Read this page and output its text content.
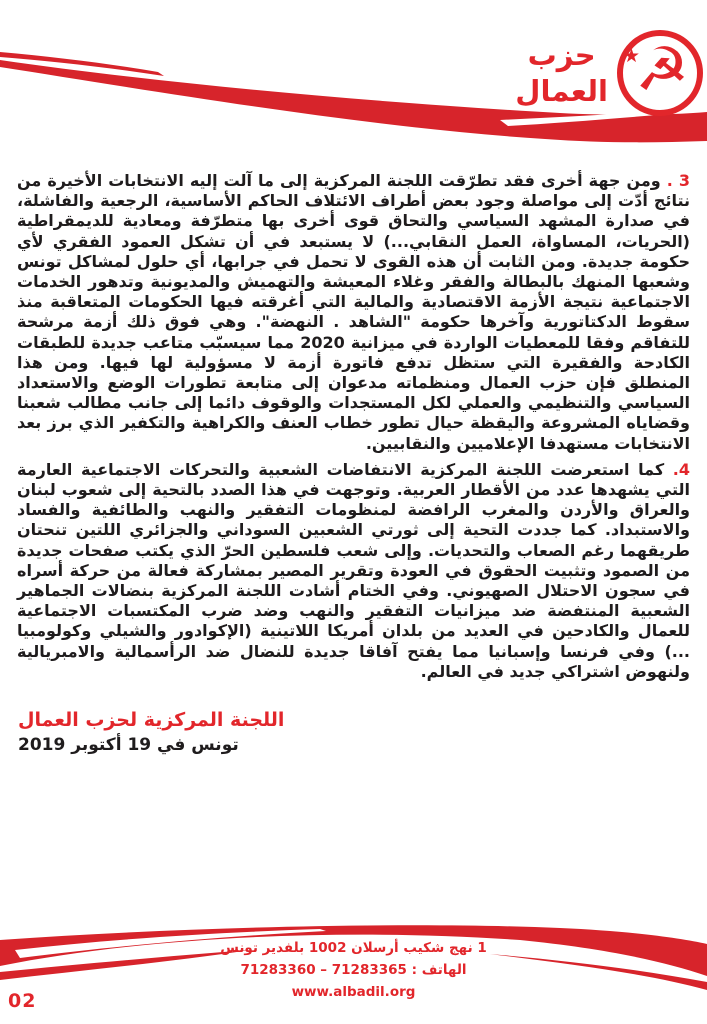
حزب
العمال
★
☭

3 . ومن جهة أخرى فقد تطرّقت اللجنة المركزية إلى ما آلت إليه الانتخابات الأخيرة من نتائج أدّت إلى مواصلة وجود بعض أطراف الائتلاف الحاكم الأساسية، الرجعية والفاشلة، في صدارة المشهد السياسي والتحاق قوى أخرى بها متطرّفة ومعادية للديمقراطية (الحريات، المساواة، العمل النقابي...) لا يستبعد في أن تشكل العمود الفقري لأي حكومة جديدة. ومن الثابت أن هذه القوى لا تحمل في جرابها، أي حلول لمشاكل تونس وشعبها المنهك بالبطالة والفقر وغلاء المعيشة والتهميش والمديونية وتدهور الخدمات الاجتماعية نتيجة الأزمة الاقتصادية والمالية التي أغرقته فيها الحكومات المتعاقبة منذ سقوط الدكتاتورية وآخرها حكومة "الشاهد . النهضة". وهي فوق ذلك أزمة مرشحة للتفاقم وفقا للمعطيات الواردة في ميزانية 2020 مما سيسبّب متاعب جديدة للطبقات الكادحة والفقيرة التي ستظل تدفع فاتورة أزمة لا مسؤولية لها فيها. ومن هذا المنطلق فإن حزب العمال ومنظماته مدعوان إلى متابعة تطورات الوضع والاستعداد السياسي والتنظيمي والعملي لكل المستجدات والوقوف دائما إلى جانب مطالب شعبنا وقضاياه المشروعة واليقظة حيال تطور خطاب العنف والكراهية والتكفير الذي برز بعد الانتخابات مستهدفا الإعلاميين والنقابيين.

4. كما استعرضت اللجنة المركزية الانتفاضات الشعبية والتحركات الاجتماعية العارمة التي يشهدها عدد من الأقطار العربية. وتوجهت في هذا الصدد بالتحية إلى شعوب لبنان والعراق والأردن والمغرب الرافضة لمنظومات التفقير والنهب والطائفية والفساد والاستبداد. كما جددت التحية إلى ثورتي الشعبين السوداني والجزائري اللتين تنحتان طريقهما رغم الصعاب والتحديات. وإلى شعب فلسطين الحرّ الذي يكتب صفحات جديدة من الصمود وتثبيت الحقوق في العودة وتقرير المصير بمشاركة فعالة من حركة أسراه في سجون الاحتلال الصهيوني. وفي الختام أشادت اللجنة المركزية بنضالات الجماهير الشعبية المنتفضة ضد ميزانيات التفقير والنهب وضد ضرب المكتسبات الاجتماعية للعمال والكادحين في العديد من بلدان أمريكا اللاتينية (الإكوادور والشيلي وكولومبيا ...) وفي فرنسا وإسبانيا مما يفتح آفاقا جديدة للنضال ضد الرأسمالية والامبريالية ولنهوض اشتراكي جديد في العالم.

اللجنة المركزية لحزب العمال
تونس في 19 أكتوبر 2019
1 نهج شكيب أرسلان 1002 بلفدير تونس
الهاتف : 71283365 – 71283360
www.albadil.org
02
